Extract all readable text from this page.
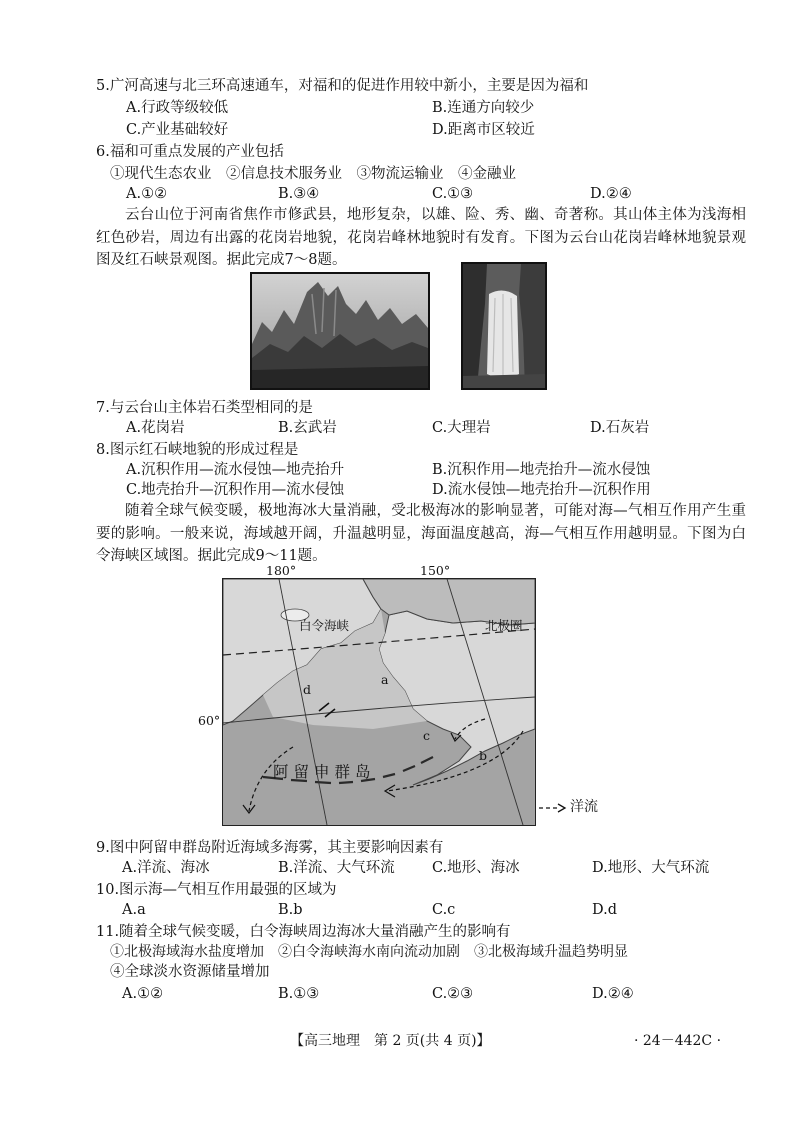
5.广河高速与北三环高速通车，对福和的促进作用较中新小，主要是因为福和
A.行政等级较低	B.连通方向较少
C.产业基础较好	D.距离市区较近
6.福和可重点发展的产业包括
①现代生态农业　②信息技术服务业　③物流运输业　④金融业
A.①②	B.③④	C.①③	D.②④
云台山位于河南省焦作市修武县，地形复杂，以雄、险、秀、幽、奇著称。其山体主体为浅海相红色砂岩，周边有出露的花岗岩地貌，花岗岩峰林地貌时有发育。下图为云台山花岗岩峰林地貌景观图及红石峡景观图。据此完成7～8题。
7.与云台山主体岩石类型相同的是
A.花岗岩	B.玄武岩	C.大理岩	D.石灰岩
8.图示红石峡地貌的形成过程是
A.沉积作用—流水侵蚀—地壳抬升	B.沉积作用—地壳抬升—流水侵蚀
C.地壳抬升—沉积作用—流水侵蚀	D.流水侵蚀—地壳抬升—沉积作用
随着全球气候变暖，极地海冰大量消融，受北极海冰的影响显著，可能对海—气相互作用产生重要的影响。一般来说，海域越开阔，升温越明显，海面温度越高，海—气相互作用越明显。下图为白令海峡区域图。据此完成9～11题。
180°	150°
60°
白令海峡	北极圈
a
b
c
d
阿留申群岛
洋流
9.图中阿留申群岛附近海域多海雾，其主要影响因素有
A.洋流、海冰	B.洋流、大气环流	C.地形、海冰	D.地形、大气环流
10.图示海—气相互作用最强的区域为
A.a	B.b	C.c	D.d
11.随着全球气候变暖，白令海峡周边海冰大量消融产生的影响有
①北极海域海水盐度增加　②白令海峡海水南向流动加剧　③北极海域升温趋势明显
④全球淡水资源储量增加
A.①②	B.①③	C.②③	D.②④
【高三地理　第 2 页(共 4 页)】	· 24－442C ·
